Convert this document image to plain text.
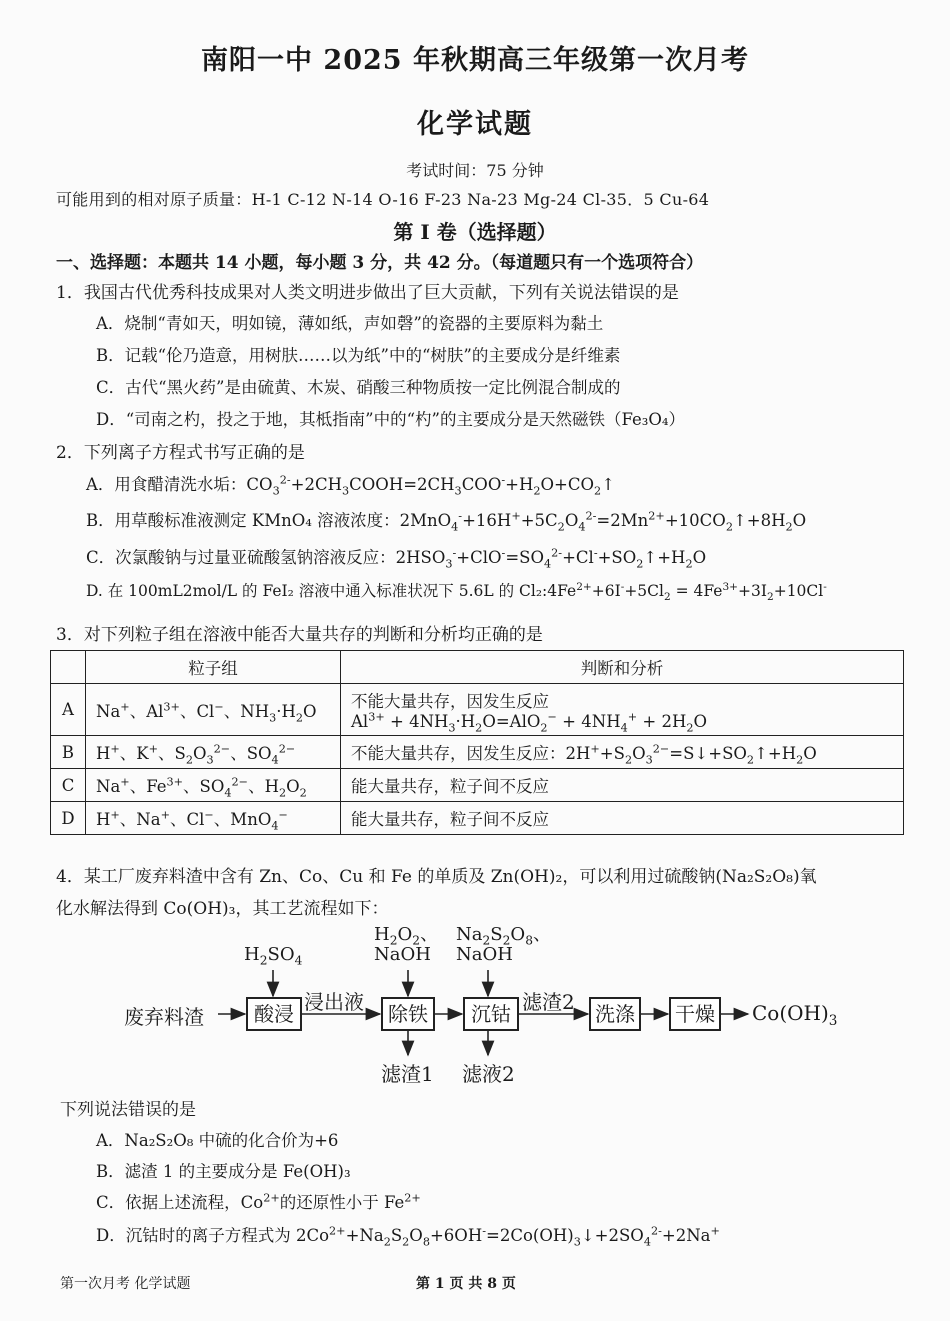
南阳一中 2025 年秋期高三年级第一次月考
化学试题
考试时间：75 分钟
可能用到的相对原子质量：H-1 C-12 N-14 O-16 F-23 Na-23 Mg-24 Cl-35．5 Cu-64
第 I 卷（选择题）
一、选择题：本题共 14 小题，每小题 3 分，共 42 分。（每道题只有一个选项符合）
1．我国古代优秀科技成果对人类文明进步做出了巨大贡献，下列有关说法错误的是
A．烧制“青如天，明如镜，薄如纸，声如磬”的瓷器的主要原料为黏土
B．记载“伦乃造意，用树肤……以为纸”中的“树肤”的主要成分是纤维素
C．古代“黑火药”是由硫黄、木炭、硝酸三种物质按一定比例混合制成的
D．“司南之杓，投之于地，其柢指南”中的“杓”的主要成分是天然磁铁（Fe₃O₄）
2．下列离子方程式书写正确的是
A．用食醋清洗水垢：$CO_3^{2-}+2CH_3COOH=2CH_3COO^-+H_2O+CO_2↑$
B．用草酸标准液测定 KMnO₄ 溶液浓度：$2MnO_4^-+16H^++5C_2O_4^{2-}=2Mn^{2+}+10CO_2↑+8H_2O$
C．次氯酸钠与过量亚硫酸氢钠溶液反应：$2HSO_3^-+ClO^-=SO_4^{2-}+Cl^-+SO_2↑+H_2O$
D. 在 100mL2mol/L 的 FeI₂ 溶液中通入标准状况下 5.6L 的 $Cl_2:4Fe^{2+}+6I^-+5Cl_2 = 4Fe^{3+}+3I_2+10Cl^-$
3．对下列粒子组在溶液中能否大量共存的判断和分析均正确的是
	粒子组	判断和分析
A	Na+、$Al^{3+}$、Cl−、$NH_3\cdot H_2O$	不能大量共存，因发生反应
$Al^{3+} + 4NH_3\cdot H_2O=AlO_2^- + 4NH_4^+ + 2H_2O$

B	H+、K+、$S_2O_3^{2-}$、$SO_4^{2-}$	不能大量共存，因发生反应：$2H^++S_2O_3^{2-}=S↓+SO_2↑+H_2O$
C	Na+、$Fe^{3+}$、$SO_4^{2-}$、$H_2O_2$	能大量共存，粒子间不反应
D	H+、Na+、Cl−、MnO$_4$−	能大量共存，粒子间不反应
4．某工厂废弃料渣中含有 Zn、Co、Cu 和 Fe 的单质及 Zn(OH)₂，可以利用过硫酸钠(Na₂S₂O₈)氧
化水解法得到 Co(OH)₃，其工艺流程如下：
废弃料渣	酸浸 浸出液	除铁	沉钴 滤渣2	洗涤	干燥	$Co(OH)_3$
$H_2SO_4$
$H_2O_2$、
NaOH
$Na_2S_2O_8$、
NaOH
滤渣1 滤液2
下列说法错误的是
A．Na₂S₂O₈ 中硫的化合价为+6
B．滤渣 1 的主要成分是 Fe(OH)₃
C．依据上述流程，$Co^{2+}$的还原性小于 $Fe^{2+}$
D．沉钴时的离子方程式为 $2Co^{2+}+Na_2S_2O_8+6OH^-=2Co(OH)_3↓+2SO_4^{2-}+2Na^+$
第一次月考 化学试题	第 1 页 共 8 页
